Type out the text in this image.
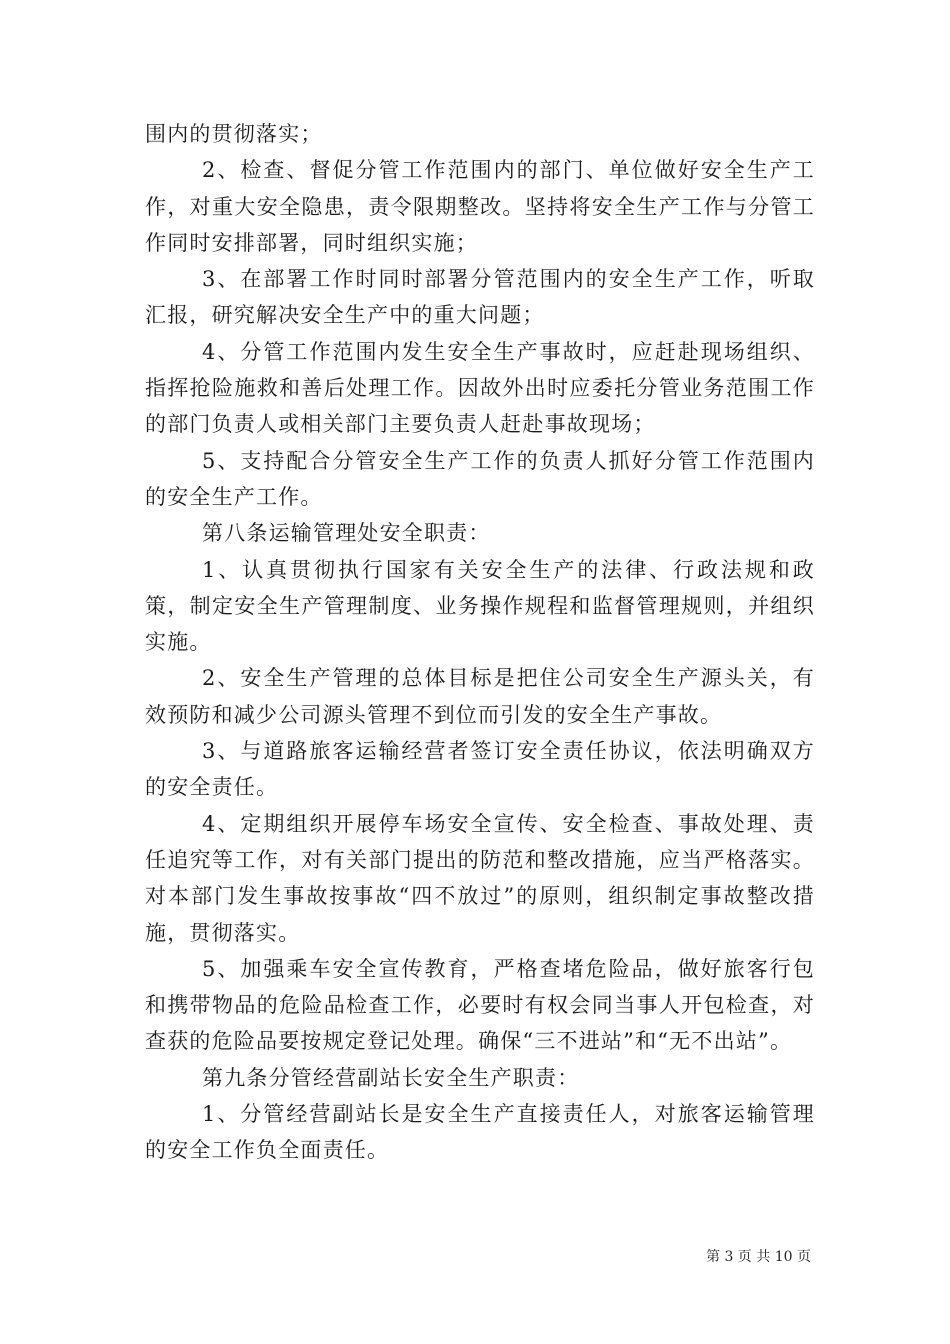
围内的贯彻落实；

2、检查、督促分管工作范围内的部门、单位做好安全生产工作，对重大安全隐患，责令限期整改。坚持将安全生产工作与分管工作同时安排部署，同时组织实施；

3、在部署工作时同时部署分管范围内的安全生产工作，听取汇报，研究解决安全生产中的重大问题；

4、分管工作范围内发生安全生产事故时，应赶赴现场组织、指挥抢险施救和善后处理工作。因故外出时应委托分管业务范围工作的部门负责人或相关部门主要负责人赶赴事故现场；

5、支持配合分管安全生产工作的负责人抓好分管工作范围内的安全生产工作。

第八条运输管理处安全职责：

1、认真贯彻执行国家有关安全生产的法律、行政法规和政策，制定安全生产管理制度、业务操作规程和监督管理规则，并组织实施。

2、安全生产管理的总体目标是把住公司安全生产源头关，有效预防和减少公司源头管理不到位而引发的安全生产事故。

3、与道路旅客运输经营者签订安全责任协议，依法明确双方的安全责任。

4、定期组织开展停车场安全宣传、安全检查、事故处理、责任追究等工作，对有关部门提出的防范和整改措施，应当严格落实。对本部门发生事故按事故“四不放过”的原则，组织制定事故整改措施，贯彻落实。

5、加强乘车安全宣传教育，严格查堵危险品，做好旅客行包和携带物品的危险品检查工作，必要时有权会同当事人开包检查，对查获的危险品要按规定登记处理。确保“三不进站”和“无不出站”。

第九条分管经营副站长安全生产职责：

1、分管经营副站长是安全生产直接责任人，对旅客运输管理的安全工作负全面责任。

第 3 页 共 10 页
